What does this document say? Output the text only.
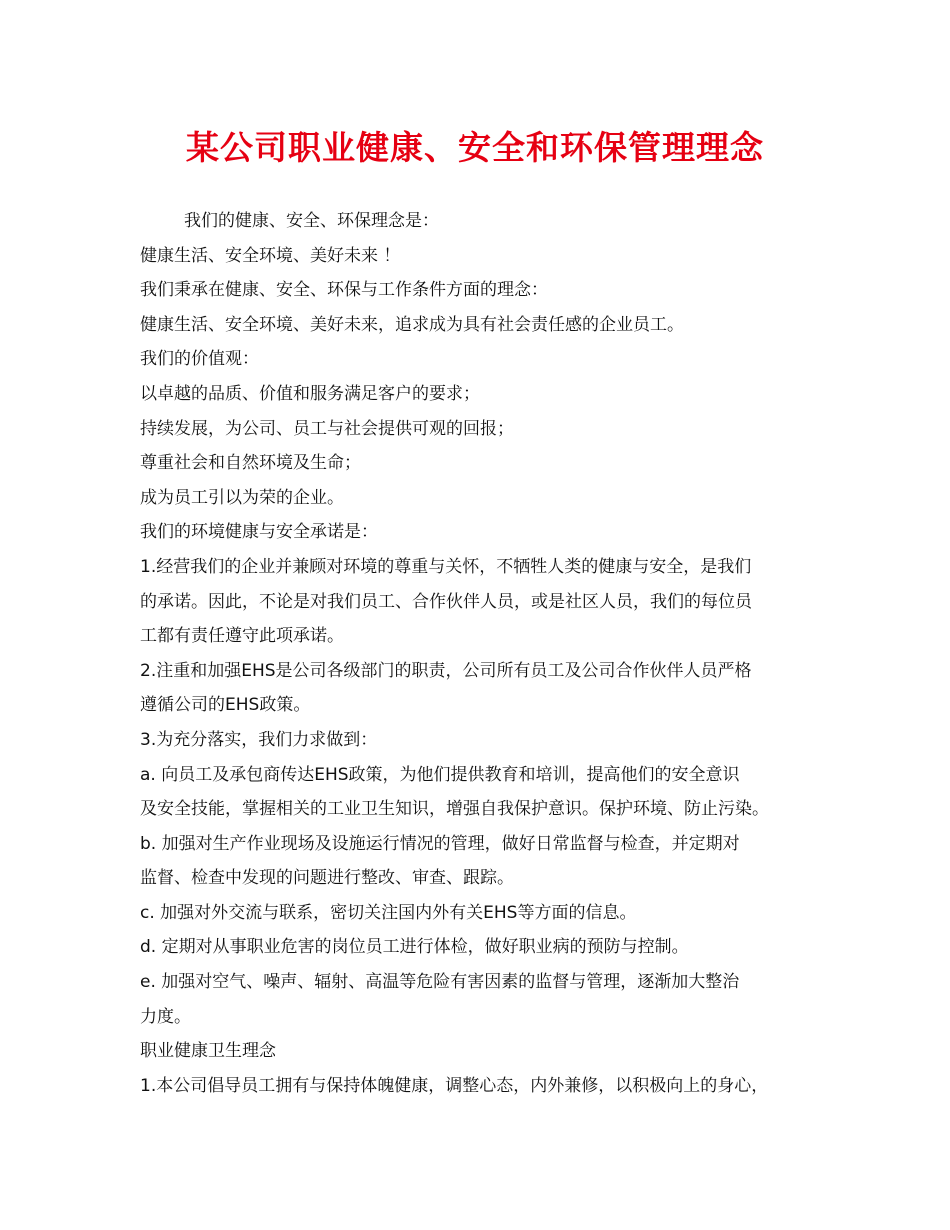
某公司职业健康、安全和环保管理理念
我们的健康、安全、环保理念是：
健康生活、安全环境、美好未来 ！
我们秉承在健康、安全、环保与工作条件方面的理念：
健康生活、安全环境、美好未来，追求成为具有社会责任感的企业员工。
我们的价值观：
以卓越的品质、价值和服务满足客户的要求；
持续发展，为公司、员工与社会提供可观的回报；
尊重社会和自然环境及生命；
成为员工引以为荣的企业。
我们的环境健康与安全承诺是：
1.经营我们的企业并兼顾对环境的尊重与关怀，不牺牲人类的健康与安全，是我们
的承诺。因此，不论是对我们员工、合作伙伴人员，或是社区人员，我们的每位员
工都有责任遵守此项承诺。
2.注重和加强EHS是公司各级部门的职责，公司所有员工及公司合作伙伴人员严格
遵循公司的EHS政策。
3.为充分落实，我们力求做到：
a. 向员工及承包商传达EHS政策，为他们提供教育和培训，提高他们的安全意识
及安全技能，掌握相关的工业卫生知识，增强自我保护意识。保护环境、防止污染。
b. 加强对生产作业现场及设施运行情况的管理，做好日常监督与检查，并定期对
监督、检查中发现的问题进行整改、审查、跟踪。
c. 加强对外交流与联系，密切关注国内外有关EHS等方面的信息。
d. 定期对从事职业危害的岗位员工进行体检，做好职业病的预防与控制。
e. 加强对空气、噪声、辐射、高温等危险有害因素的监督与管理，逐渐加大整治
力度。
职业健康卫生理念
1.本公司倡导员工拥有与保持体魄健康，调整心态，内外兼修，以积极向上的身心，
